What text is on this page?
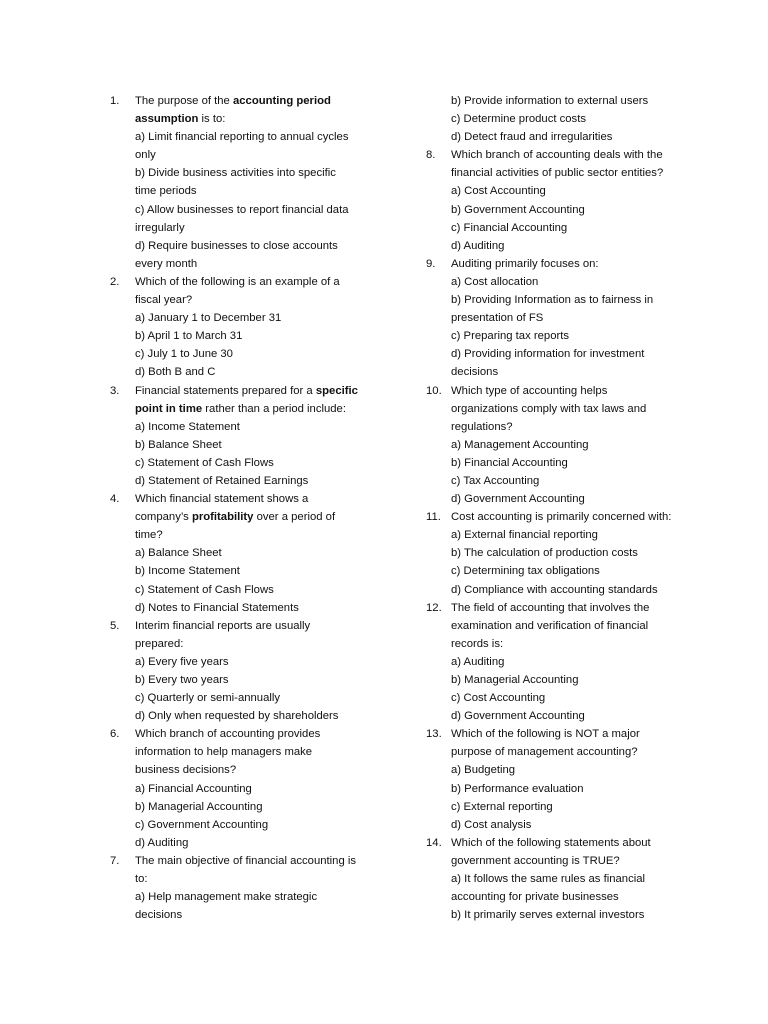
1. The purpose of the accounting period
assumption is to:
a) Limit financial reporting to annual cycles
only
b) Divide business activities into specific
time periods
c) Allow businesses to report financial data
irregularly
d) Require businesses to close accounts
every month
2. Which of the following is an example of a
fiscal year?
a) January 1 to December 31
b) April 1 to March 31
c) July 1 to June 30
d) Both B and C
3. Financial statements prepared for a specific
point in time rather than a period include:
a) Income Statement
b) Balance Sheet
c) Statement of Cash Flows
d) Statement of Retained Earnings
4. Which financial statement shows a
company’s profitability over a period of
time?
a) Balance Sheet
b) Income Statement
c) Statement of Cash Flows
d) Notes to Financial Statements
5. Interim financial reports are usually
prepared:
a) Every five years
b) Every two years
c) Quarterly or semi-annually
d) Only when requested by shareholders
6. Which branch of accounting provides
information to help managers make
business decisions?
a) Financial Accounting
b) Managerial Accounting
c) Government Accounting
d) Auditing
7. The main objective of financial accounting is
to:
a) Help management make strategic
decisions
b) Provide information to external users
c) Determine product costs
d) Detect fraud and irregularities
8. Which branch of accounting deals with the
financial activities of public sector entities?
a) Cost Accounting
b) Government Accounting
c) Financial Accounting
d) Auditing
9. Auditing primarily focuses on:
a) Cost allocation
b) Providing Information as to fairness in
presentation of FS
c) Preparing tax reports
d) Providing information for investment
decisions
10. Which type of accounting helps
organizations comply with tax laws and
regulations?
a) Management Accounting
b) Financial Accounting
c) Tax Accounting
d) Government Accounting
11. Cost accounting is primarily concerned with:
a) External financial reporting
b) The calculation of production costs
c) Determining tax obligations
d) Compliance with accounting standards
12. The field of accounting that involves the
examination and verification of financial
records is:
a) Auditing
b) Managerial Accounting
c) Cost Accounting
d) Government Accounting
13. Which of the following is NOT a major
purpose of management accounting?
a) Budgeting
b) Performance evaluation
c) External reporting
d) Cost analysis
14. Which of the following statements about
government accounting is TRUE?
a) It follows the same rules as financial
accounting for private businesses
b) It primarily serves external investors
